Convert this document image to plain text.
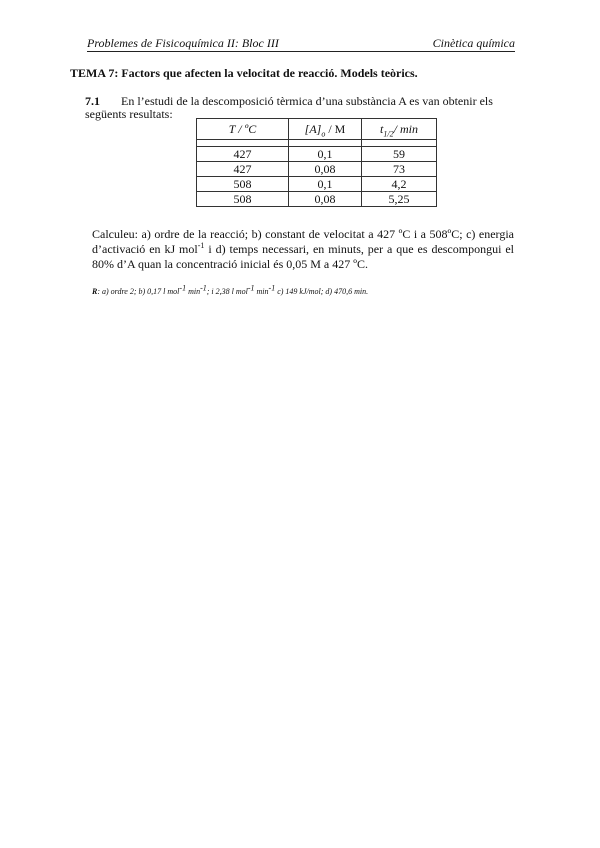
Problemes de Fisicoquímica II: Bloc III	Cinètica química
TEMA 7: Factors que afecten la velocitat de reacció. Models teòrics.
7.1 En l’estudi de la descomposició tèrmica d’una substància A es van obtenir els
següents resultats:
T / ºC	$[A]_o$ / M	$t_{1/2}/$ min

427	0,1	59
427	0,08	73
508	0,1	4,2
508	0,08	5,25

Calculeu: a) ordre de la reacció; b) constant de velocitat a 427 ºC i a 508ºC; c) energia d’activació en kJ mol$^{-1}$ i d) temps necessari, en minuts, per a que es descompongui el 80% d’A quan la concentració inicial és 0,05 M a 427 ºC.

R: a) ordre 2; b) 0,17 l mol$^{-1}$ $\min^{-1}$; i 2,38 l mol$^{-1}$ $\min^{-1} c$) 149 kJ/mol; d) 470,6 min.
